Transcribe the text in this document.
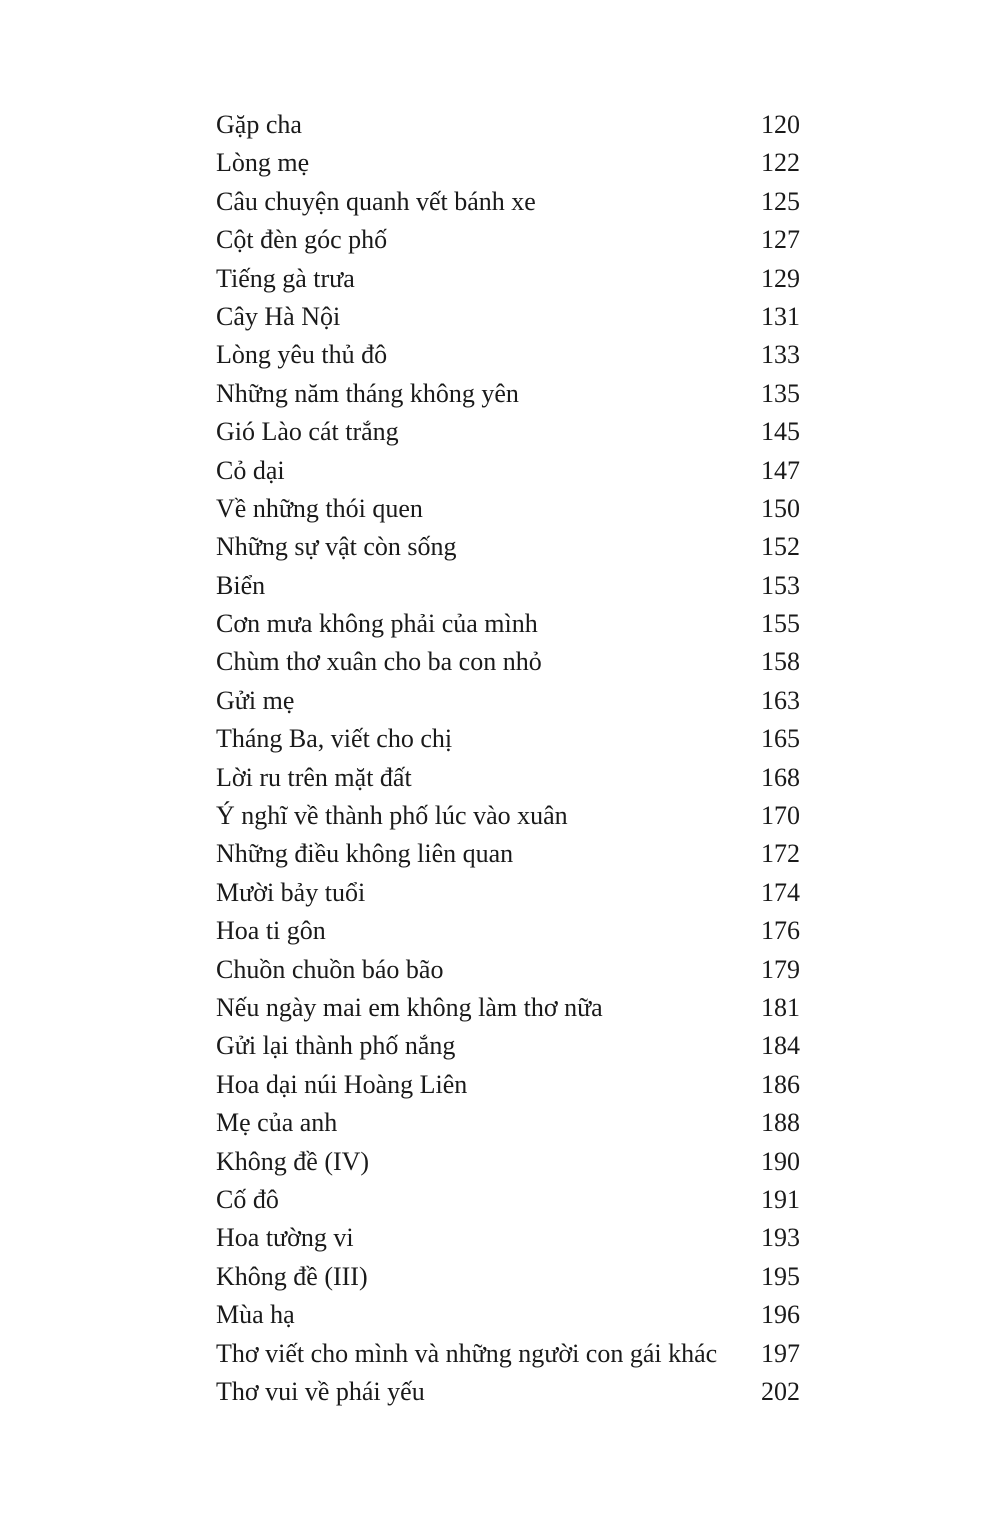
Gặp cha	120
Lòng mẹ	122
Câu chuyện quanh vết bánh xe	125
Cột đèn góc phố	127
Tiếng gà trưa	129
Cây Hà Nội	131
Lòng yêu thủ đô	133
Những năm tháng không yên	135
Gió Lào cát trắng	145
Cỏ dại	147
Về những thói quen	150
Những sự vật còn sống	152
Biển	153
Cơn mưa không phải của mình	155
Chùm thơ xuân cho ba con nhỏ	158
Gửi mẹ	163
Tháng Ba, viết cho chị	165
Lời ru trên mặt đất	168
Ý nghĩ về thành phố lúc vào xuân	170
Những điều không liên quan	172
Mười bảy tuổi	174
Hoa ti gôn	176
Chuồn chuồn báo bão	179
Nếu ngày mai em không làm thơ nữa	181
Gửi lại thành phố nắng	184
Hoa dại núi Hoàng Liên	186
Mẹ của anh	188
Không đề (IV)	190
Cố đô	191
Hoa tường vi	193
Không đề (III)	195
Mùa hạ	196
Thơ viết cho mình và những người con gái khác	197
Thơ vui về phái yếu	202
